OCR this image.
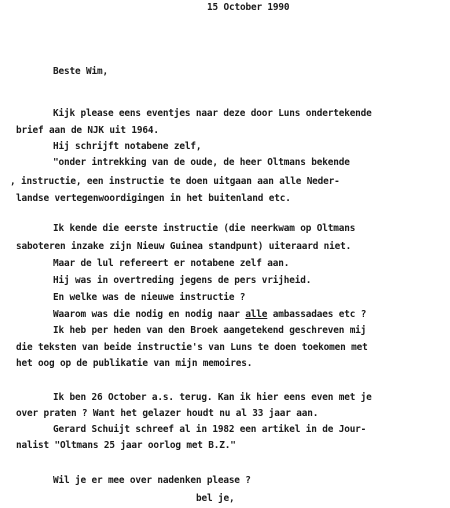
15 October 1990
Beste Wim,
Kijk please eens eventjes naar deze door Luns ondertekende
brief aan de NJK uit 1964.
Hij schrijft notabene zelf,
"onder intrekking van de oude, de heer Oltmans bekende
, instructie, een instructie te doen uitgaan aan alle Neder-
landse vertegenwoordigingen in het buitenland etc.
Ik kende die eerste instructie (die neerkwam op Oltmans
saboteren inzake zijn Nieuw Guinea standpunt) uiteraard niet.
Maar de lul refereert er notabene zelf aan.
Hij was in overtreding jegens de pers vrijheid.
En welke was de nieuwe instructie ?
Waarom was die nodig en nodig naar alle ambassadaes etc ?
Ik heb per heden van den Broek aangetekend geschreven mij
die teksten van beide instructie's van Luns te doen toekomen met
het oog op de publikatie van mijn memoires.
Ik ben 26 October a.s. terug. Kan ik hier eens even met je
over praten ? Want het gelazer houdt nu al 33 jaar aan.
Gerard Schuijt schreef al in 1982 een artikel in de Jour-
nalist "Oltmans 25 jaar oorlog met B.Z."
Wil je er mee over nadenken please ?
bel je,
